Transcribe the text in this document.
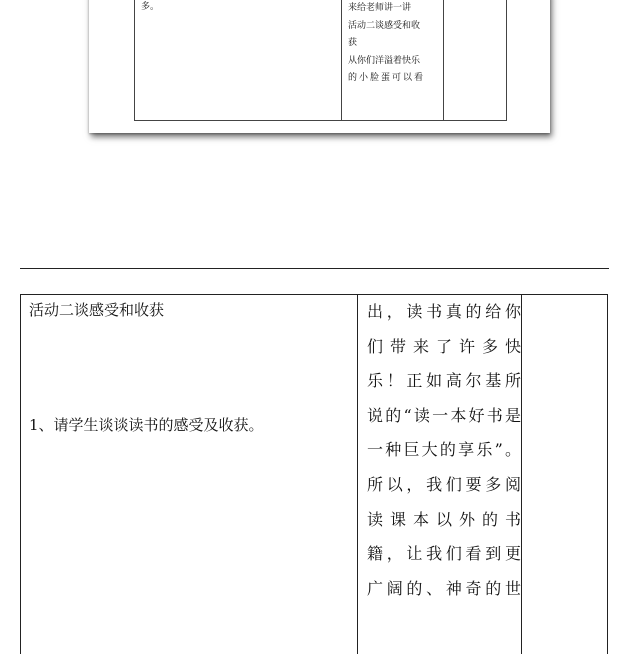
多。	来给老师讲一讲
活动二谈感受和收
获
从你们洋溢着快乐
的小脸蛋可以看
活动二谈感受和收获
1、请学生谈谈读书的感受及收获。
出，读书真的给你
们带来了许多快
乐！正如高尔基所
说的“读一本好书是
一种巨大的享乐”。
所以，我们要多阅
读课本以外的书
籍，让我们看到更
广阔的、神奇的世
